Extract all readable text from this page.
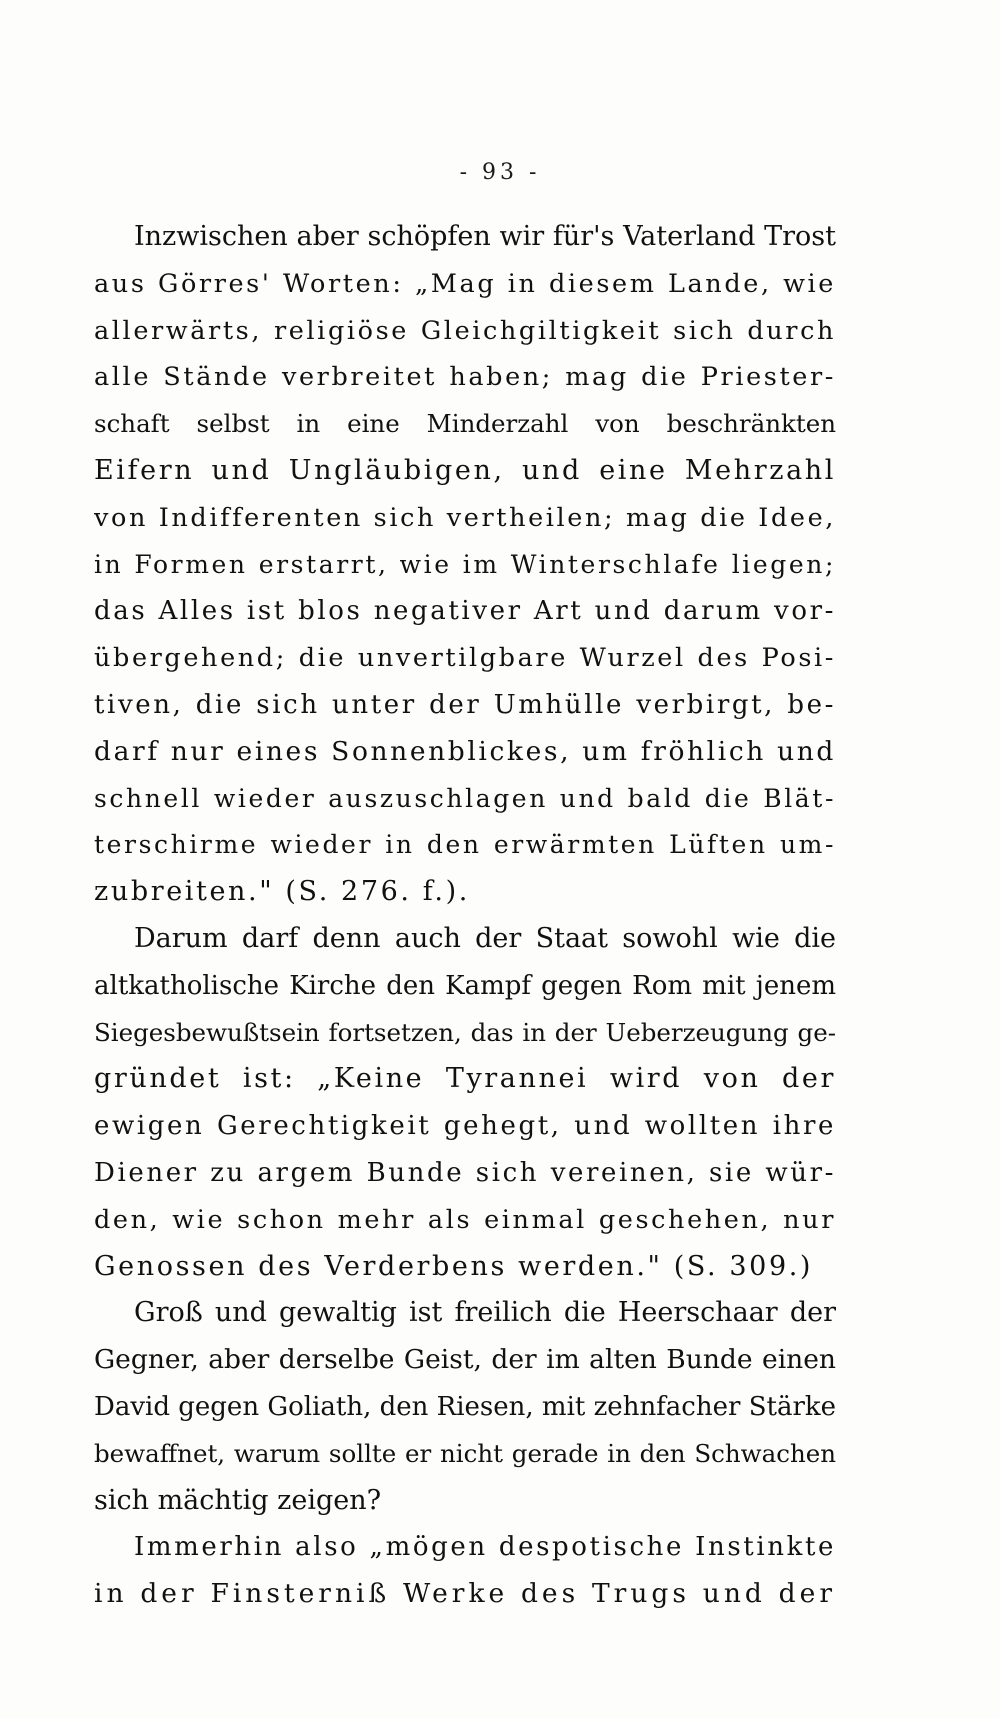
- 93 -
Inzwischen aber schöpfen wir für's Vaterland Trost
aus Görres' Worten: „Mag in diesem Lande, wie
allerwärts, religiöse Gleichgiltigkeit sich durch
alle Stände verbreitet haben; mag die Priester-
schaft selbst in eine Minderzahl von beschränkten
Eifern und Ungläubigen, und eine Mehrzahl
von Indifferenten sich vertheilen; mag die Idee,
in Formen erstarrt, wie im Winterschlafe liegen;
das Alles ist blos negativer Art und darum vor-
übergehend; die unvertilgbare Wurzel des Posi-
tiven, die sich unter der Umhülle verbirgt, be-
darf nur eines Sonnenblickes, um fröhlich und
schnell wieder auszuschlagen und bald die Blät-
terschirme wieder in den erwärmten Lüften um-
zubreiten." (S. 276. f.).
Darum darf denn auch der Staat sowohl wie die
altkatholische Kirche den Kampf gegen Rom mit jenem
Siegesbewußtsein fortsetzen, das in der Ueberzeugung ge-
gründet ist: „Keine Tyrannei wird von der
ewigen Gerechtigkeit gehegt, und wollten ihre
Diener zu argem Bunde sich vereinen, sie wür-
den, wie schon mehr als einmal geschehen, nur
Genossen des Verderbens werden." (S. 309.)
Groß und gewaltig ist freilich die Heerschaar der
Gegner, aber derselbe Geist, der im alten Bunde einen
David gegen Goliath, den Riesen, mit zehnfacher Stärke
bewaffnet, warum sollte er nicht gerade in den Schwachen
sich mächtig zeigen?
Immerhin also „mögen despotische Instinkte
in der Finsterniß Werke des Trugs und der
